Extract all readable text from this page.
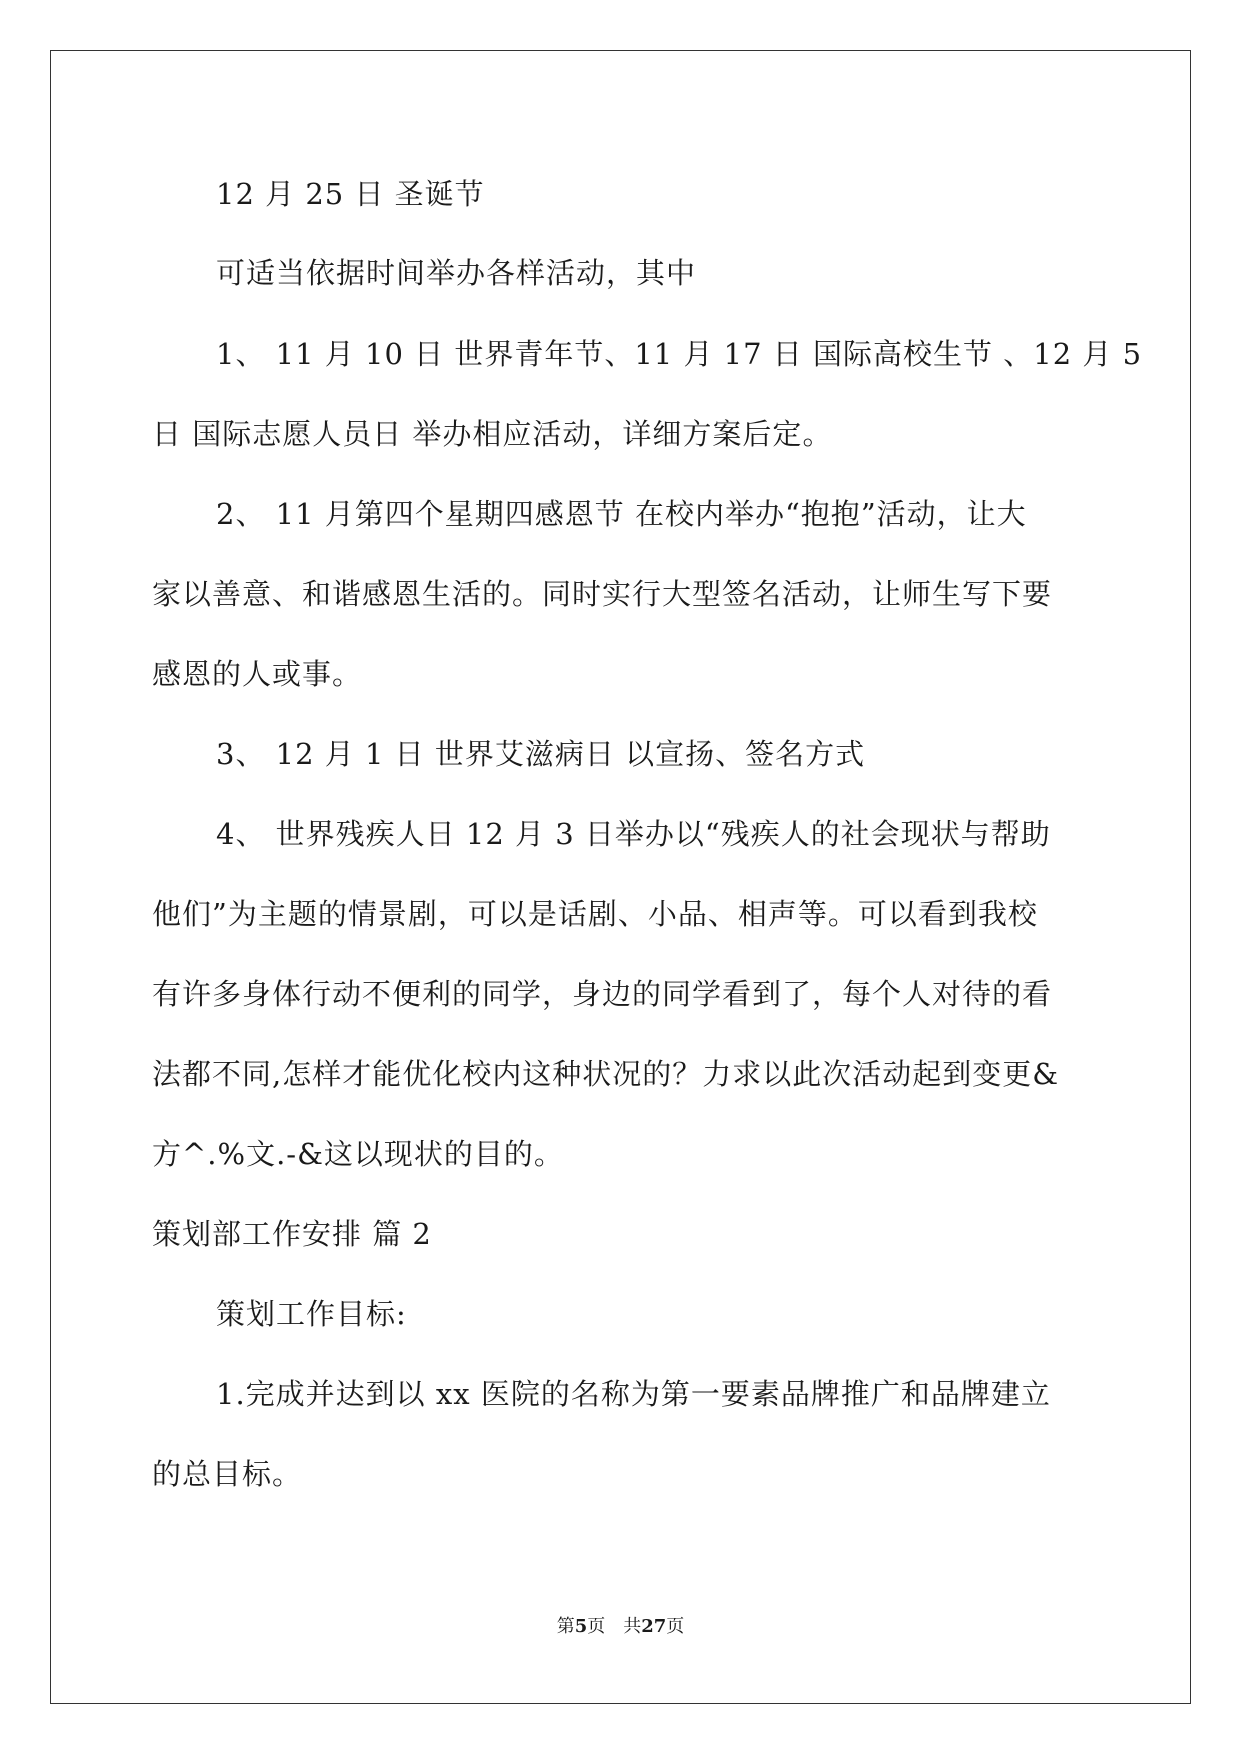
12 月 25 日 圣诞节
可适当依据时间举办各样活动，其中
1、 11 月 10 日 世界青年节、11 月 17 日 国际高校生节 、12 月 5
日 国际志愿人员日 举办相应活动，详细方案后定。
2、 11 月第四个星期四感恩节 在校内举办“抱抱”活动，让大
家以善意、和谐感恩生活的。同时实行大型签名活动，让师生写下要
感恩的人或事。
3、 12 月 1 日 世界艾滋病日 以宣扬、签名方式
4、 世界残疾人日 12 月 3 日举办以“残疾人的社会现状与帮助
他们”为主题的情景剧，可以是话剧、小品、相声等。可以看到我校
有许多身体行动不便利的同学，身边的同学看到了，每个人对待的看
法都不同,怎样才能优化校内这种状况的？力求以此次活动起到变更&
方^.%文.-&这以现状的目的。
策划部工作安排 篇 2
策划工作目标:
1.完成并达到以 xx 医院的名称为第一要素品牌推广和品牌建立
的总目标。
第5页　共27页
